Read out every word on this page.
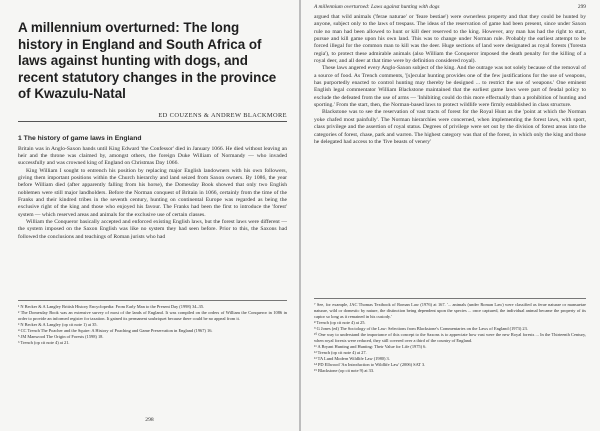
A millennium overturned: The long history in England and South Africa of laws against hunting with dogs, and recent statutory changes in the province of Kwazulu-Natal
ED COUZENS & ANDREW BLACKMORE
1 The history of game laws in England

Britain was in Anglo-Saxon hands until King Edward 'the Confessor' died in January 1066. He died without leaving an heir and the throne was claimed by, amongst others, the foreign Duke William of Normandy — who invaded successfully and was crowned king of England on Christmas Day 1066.

King William I sought to entrench his position by replacing major English landowners with his own followers, giving them important positions within the Church hierarchy and land seized from Saxon owners. By 1086, the year before William died (after apparently falling from his horse), the Domesday Book showed that only two English noblemen were still major landholders. Before the Norman conquest of Britain in 1066, certainly from the time of the Franks and their kindred tribes in the seventh century, hunting on continental Europe was regarded as being the exclusive right of the king and those who enjoyed his favour. The Franks had been the first to introduce the 'forest' system — which reserved areas and animals for the exclusive use of certain classes.

William the Conqueror basically accepted and enforced existing English laws, but the forest laws were different — the system imposed on the Saxon English was like no system they had seen before. Prior to this, the Saxons had followed the conclusions and teachings of Roman jurists who had

¹ N Becker & A Langley British History Encyclopedia: From Early Man to the Present Day (1998) 34–35.

² The Domesday Book was an extensive survey of most of the lands of England. It was compiled on the orders of William the Conqueror in 1086 in order to provide an informed register for taxation. It gained its permanent soubriquet because there could be no appeal from it.

³ N Becker & A Langley (op cit note 1) at 35.

⁴ CC Trench The Poacher and the Squire: A History of Poaching and Game Preservation in England (1967) 16.

⁵ JM Manwood The Origin of Forests (1598) 18.

⁶ Trench (op cit note 4) at 21.

298
A millennium overturned: Laws against hunting with dogs	299

argued that wild animals ('ferae naturae' or 'feare bestiae') were ownerless property and that they could be hunted by anyone, subject only to the laws of trespass. The ideas of the reservation of game had been present, since under Saxon rule no man had been allowed to hunt or kill deer reserved to the king. However, any man has had the right to start, pursue and kill game upon his own land. This was to change under Norman rule. Probably the earliest attempt to be forced illegal for the common man to kill was the deer. Huge sections of land were designated as royal forests ('foresta regia'), to protect these admirable animals (also William the Conqueror imposed the death penalty for the killing of a royal deer, and all deer at that time were by definition considered royal).

These laws angered every Anglo-Saxon subject of the king. And the outrage was not solely because of the removal of a source of food. As Trench comments, '[s]ecular hunting provides one of the few justifications for the use of weapons, has purportedly enacted to control hunting may thereby be designed ... to restrict the use of weapons.' One eminent English legal commentator William Blackstone maintained that the earliest game laws were part of feudal policy to exclude the defeated from the use of arms — 'Inhibiting could do this more effectually than a prohibition of hunting and sporting.' From the start, then, the Norman-based laws to protect wildlife were firmly established in class structure.

Blackstone was to see the reservation of vast tracts of forest for the Royal Hunt as the 'point at which the Norman yoke chafed most painfully'. The Norman hierarchies were concerned, when implementing the forest laws, with sport, class privilege and the assertion of royal status. Degrees of privilege were set out by the division of forest areas into the categories of forest, chase, park and warren. The highest category was that of the forest, in which only the king and those he delegated had access to the 'five beasts of venery'

⁷ See, for example, JAC Thomas Textbook of Roman Law (1976) at 167. '... animals (under Roman Law) were classified as ferae naturae or mansuetae naturae, wild or domestic by nature, the distinction being dependent upon the species ... once captured, the individual animal became the property of its captor so long as it remained in his custody.'

⁸ Trench (op cit note 4) at 25.

⁹ G Jones (ed) The Sociology of the Law: Selections from Blackstone's Commentaries on the Laws of England (1973) 23.

¹⁰ One way to understand the importance of this concept to the Saxons is to appreciate how vast were the new Royal forests ... In the Thirteenth Century, when royal forests were reduced, they still covered over a third of the country of England.

¹¹ A Bryant Hunting and Hunting: Their Value for Life (1975) 6.

¹² Trench (op cit note 4) at 27.

¹³ TA Lund Modern Wildlife Law (1980) 3.

¹⁴ PD Ellwood 'An Introduction to Wildlife Law' (2006) SAT 3.

¹⁵ Blackstone (op cit note 9) at 33.
